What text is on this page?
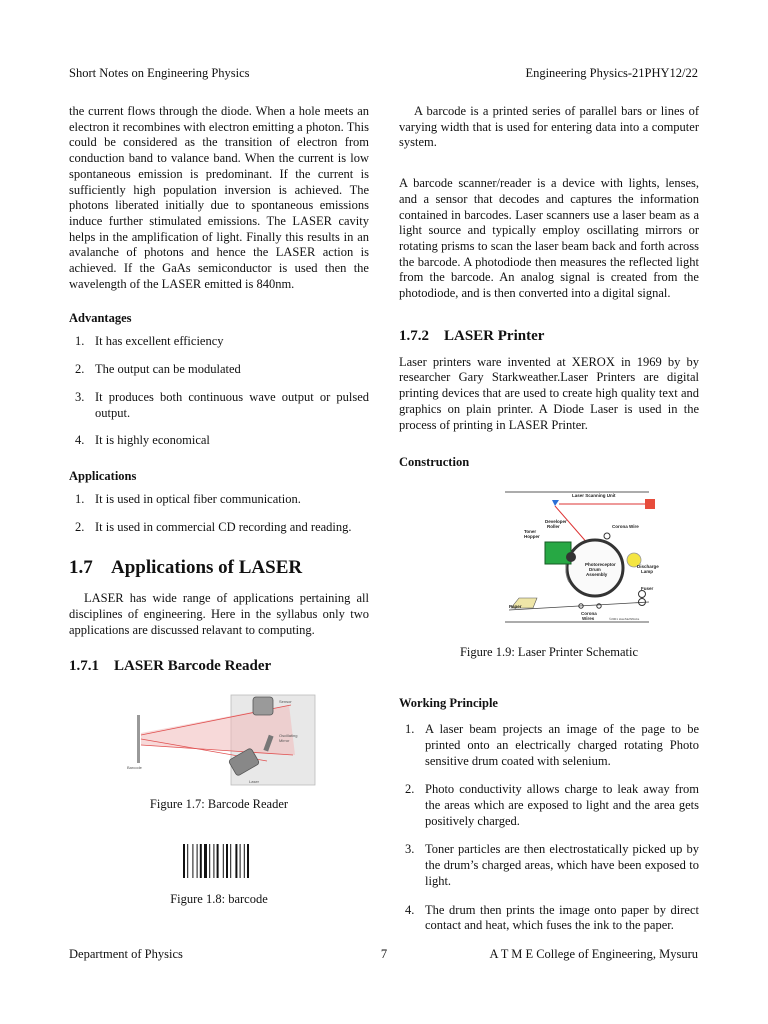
Short Notes on Engineering Physics	Engineering Physics-21PHY12/22

the current flows through the diode. When a hole meets an electron it recombines with electron emitting a photon. This could be considered as the transition of electron from conduction band to valance band. When the current is low spontaneous emission is predominant. If the current is sufficiently high population inversion is achieved. The photons liberated initially due to spontaneous emissions induce further stimulated emissions. The LASER cavity helps in the amplification of light. Finally this results in an avalanche of photons and hence the LASER action is achieved. If the GaAs semiconductor is used then the wavelength of the LASER emitted is 840nm.

Advantages
1. It has excellent efficiency
2. The output can be modulated
3. It produces both continuous wave output or pulsed output.
4. It is highly economical
Applications
1. It is used in optical fiber communication.
2. It is used in commercial CD recording and reading.
1.7 Applications of LASER

LASER has wide range of applications pertaining all disciplines of engineering. Here in the syllabus only two applications are discussed relavant to computing.

1.7.1 LASER Barcode Reader
Sensor
Oscillating
Mirror
Barcode
Laser
Figure 1.7: Barcode Reader
Figure 1.8: barcode

A barcode is a printed series of parallel bars or lines of varying width that is used for entering data into a computer system.

A barcode scanner/reader is a device with lights, lenses, and a sensor that decodes and captures the information contained in barcodes. Laser scanners use a laser beam as a light source and typically employ oscillating mirrors or rotating prisms to scan the laser beam back and forth across the barcode. A photodiode then measures the reflected light from the barcode. An analog signal is created from the photodiode, and is then converted into a digital signal.

1.7.2 LASER Printer

Laser printers ware invented at XEROX in 1969 by by researcher Gary Starkweather.Laser Printers are digital printing devices that are used to create high quality text and graphics on plain printer. A Diode Laser is used in the process of printing in LASER Printer.

Construction
Laser Scanning Unit
Photoreceptor
Drum
Assembly
Developer
Roller
Toner
Hopper
Corona Wire
Discharge
Lamp
Paper
Fuser
Corona
Wires	©2001 HowStuffWorks
Figure 1.9: Laser Printer Schematic
Working Principle
1. A laser beam projects an image of the page to be printed onto an electrically charged rotating Photo sensitive drum coated with selenium.
2. Photo conductivity allows charge to leak away from the areas which are exposed to light and the area gets positively charged.
3. Toner particles are then electrostatically picked up by the drum’s charged areas, which have been exposed to light.
4. The drum then prints the image onto paper by direct contact and heat, which fuses the ink to the paper.
Department of Physics	7	A T M E College of Engineering, Mysuru
